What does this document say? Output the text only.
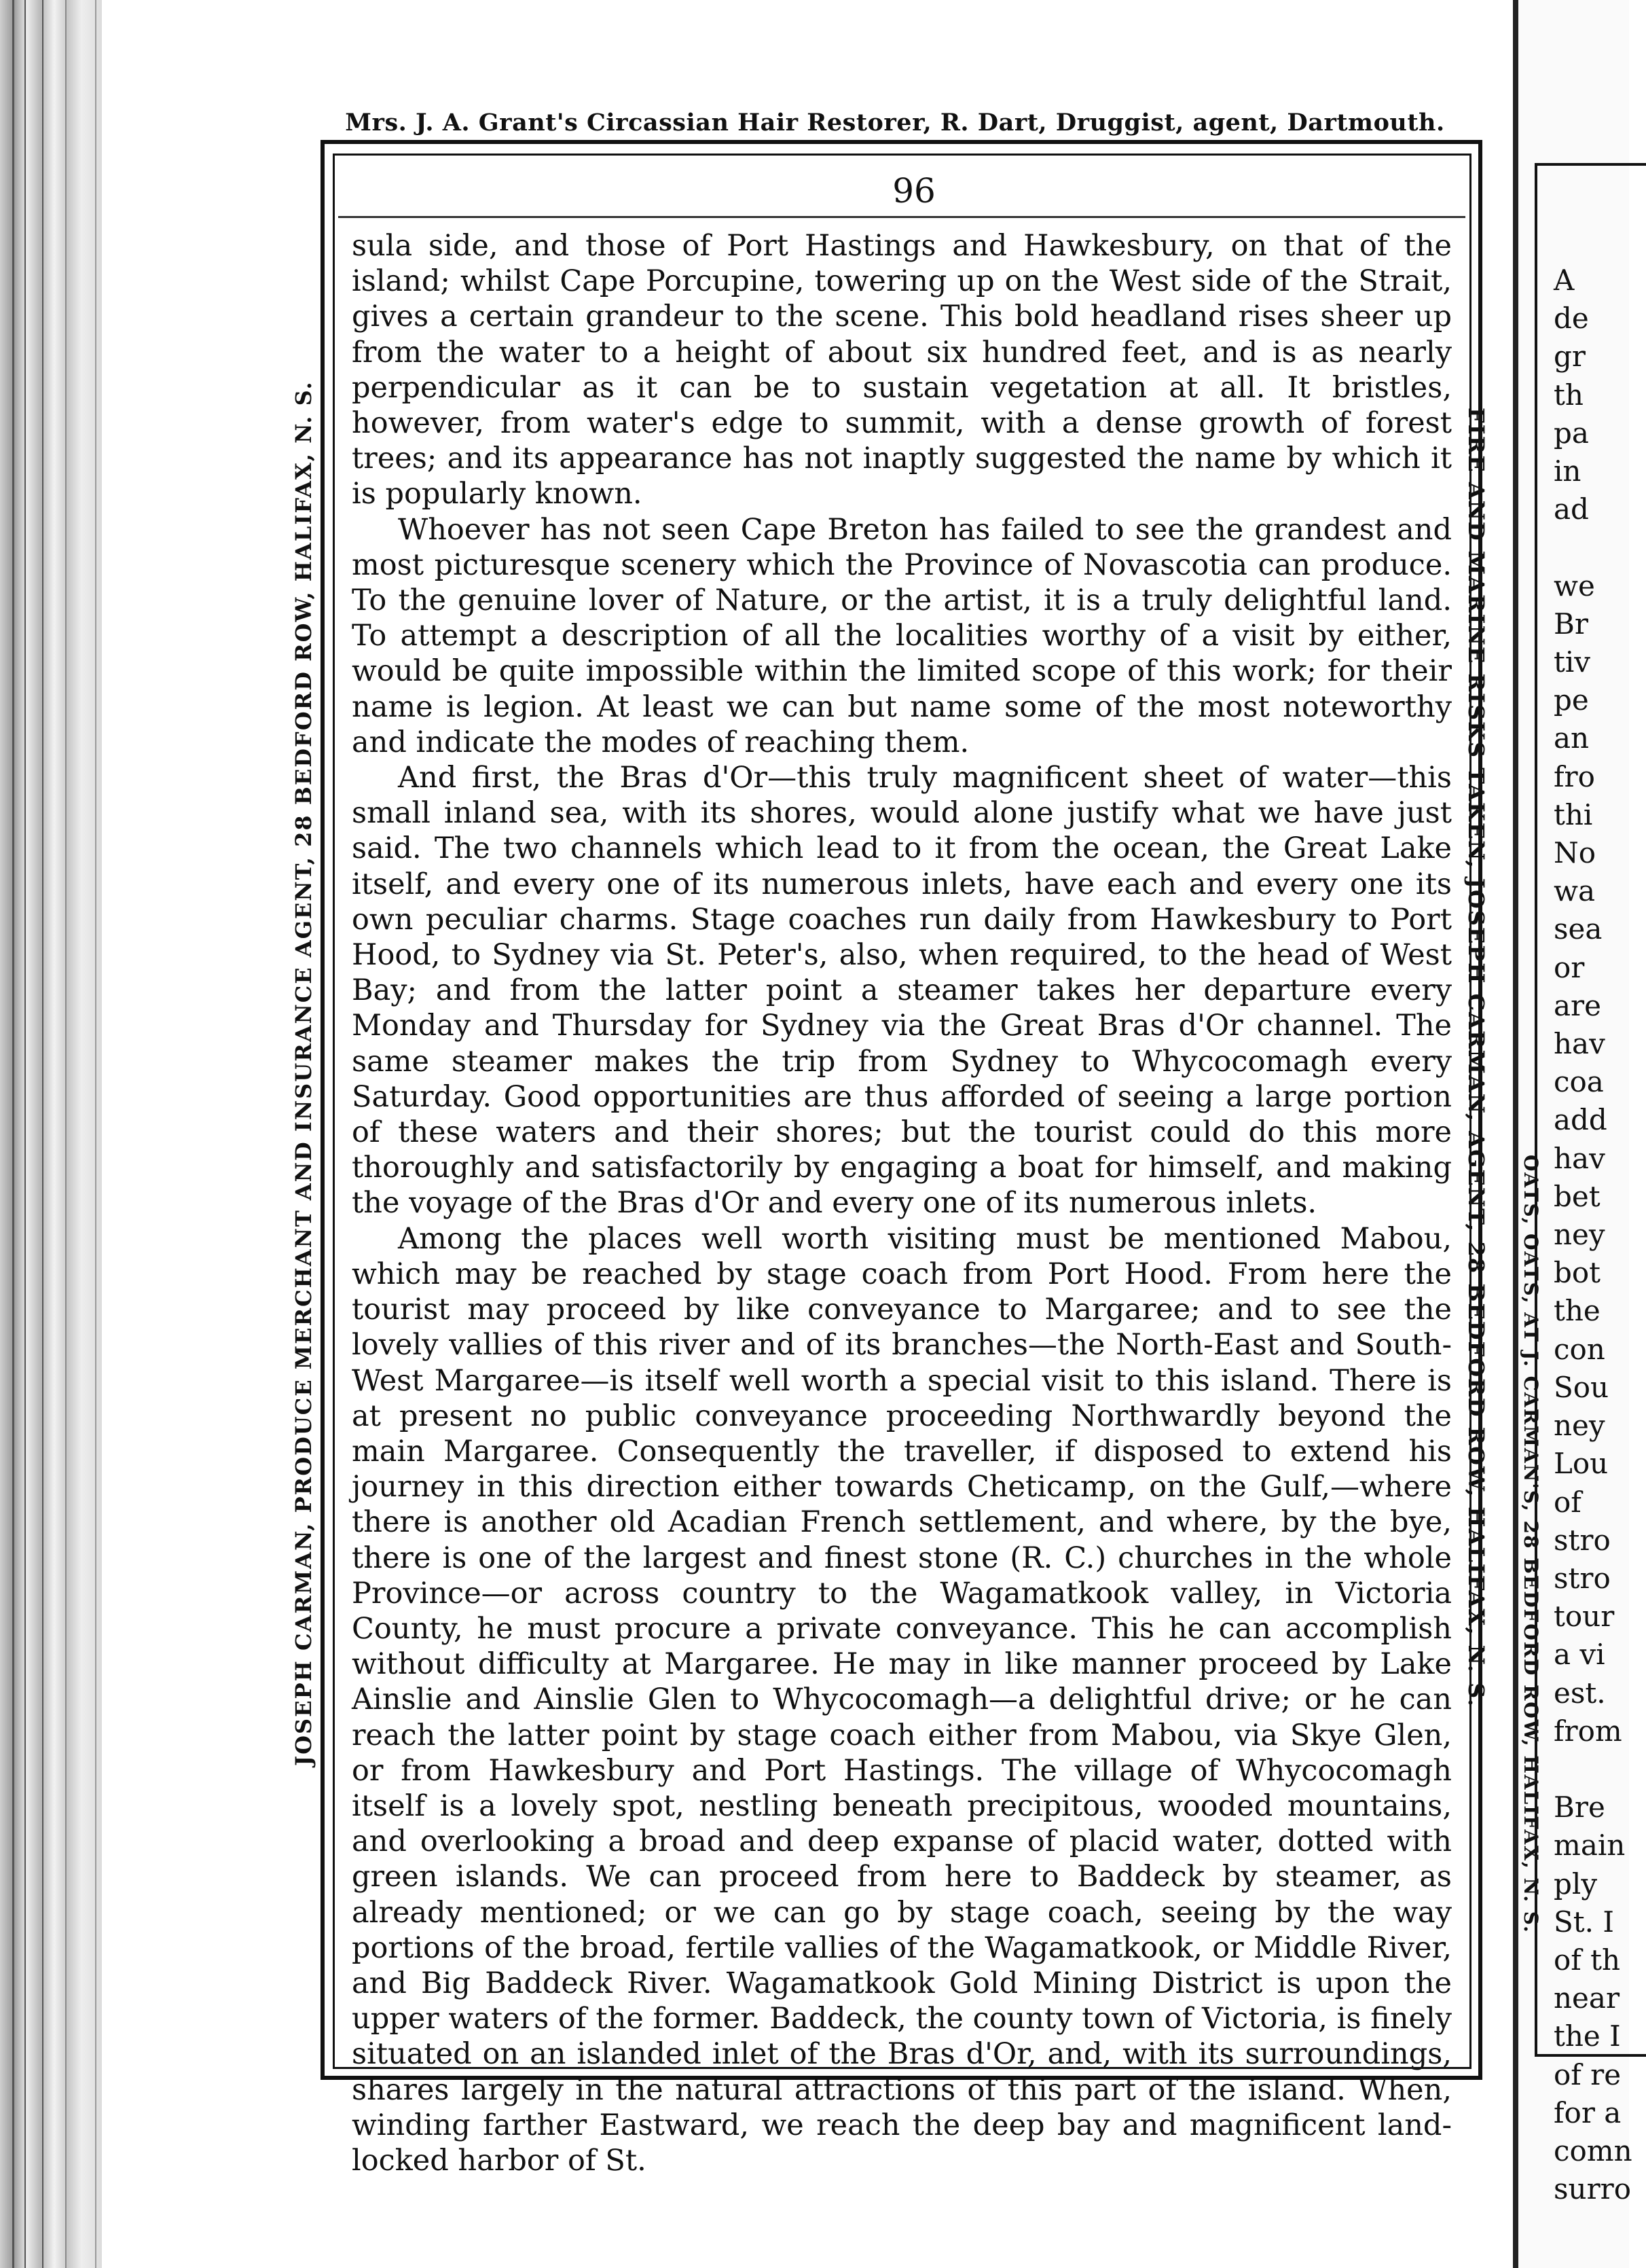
Mrs. J. A. Grant's Circassian Hair Restorer, R. Dart, Druggist, agent, Dartmouth.
96
JOSEPH CARMAN, PRODUCE MERCHANT AND INSURANCE AGENT, 28 BEDFORD ROW, HALIFAX, N. S.	FIRE AND MARINE RISKS TAKEN, JOSEPH CARMAN, AGENT, 28 BEDFORD ROW, HALIFAX, N. S.

sula side, and those of Port Hastings and Hawkesbury, on that of the island; whilst Cape Porcupine, towering up on the West side of the Strait, gives a certain grandeur to the scene. This bold headland rises sheer up from the water to a height of about six hundred feet, and is as nearly perpendicular as it can be to sustain vegetation at all. It bristles, however, from water's edge to summit, with a dense growth of forest trees; and its appearance has not inaptly suggested the name by which it is popularly known.

Whoever has not seen Cape Breton has failed to see the grandest and most picturesque scenery which the Province of Novascotia can produce. To the genuine lover of Nature, or the artist, it is a truly delightful land. To attempt a description of all the localities worthy of a visit by either, would be quite impossible within the limited scope of this work; for their name is legion. At least we can but name some of the most noteworthy and indicate the modes of reaching them.

And first, the Bras d'Or—this truly magnificent sheet of water—this small inland sea, with its shores, would alone justify what we have just said. The two channels which lead to it from the ocean, the Great Lake itself, and every one of its numerous inlets, have each and every one its own peculiar charms. Stage coaches run daily from Hawkesbury to Port Hood, to Sydney via St. Peter's, also, when required, to the head of West Bay; and from the latter point a steamer takes her departure every Monday and Thursday for Sydney via the Great Bras d'Or channel. The same steamer makes the trip from Sydney to Whycocomagh every Saturday. Good opportunities are thus afforded of seeing a large portion of these waters and their shores; but the tourist could do this more thoroughly and satisfactorily by engaging a boat for himself, and making the voyage of the Bras d'Or and every one of its numerous inlets.

Among the places well worth visiting must be mentioned Mabou, which may be reached by stage coach from Port Hood. From here the tourist may proceed by like conveyance to Margaree; and to see the lovely vallies of this river and of its branches—the North-East and South-West Margaree—is itself well worth a special visit to this island. There is at present no public conveyance proceeding Northwardly beyond the main Margaree. Consequently the traveller, if disposed to extend his journey in this direction either towards Cheticamp, on the Gulf,—where there is another old Acadian French settlement, and where, by the bye, there is one of the largest and finest stone (R. C.) churches in the whole Province—or across country to the Wagamatkook valley, in Victoria County, he must procure a private conveyance. This he can accomplish without difficulty at Margaree. He may in like manner proceed by Lake Ainslie and Ainslie Glen to Whycocomagh—a delightful drive; or he can reach the latter point by stage coach either from Mabou, via Skye Glen, or from Hawkesbury and Port Hastings. The village of Whycocomagh itself is a lovely spot, nestling beneath precipitous, wooded mountains, and overlooking a broad and deep expanse of placid water, dotted with green islands. We can proceed from here to Baddeck by steamer, as already mentioned; or we can go by stage coach, seeing by the way portions of the broad, fertile vallies of the Wagamatkook, or Middle River, and Big Baddeck River. Wagamatkook Gold Mining District is upon the upper waters of the former. Baddeck, the county town of Victoria, is finely situated on an islanded inlet of the Bras d'Or, and, with its surroundings, shares largely in the natural attractions of this part of the island. When, winding farther Eastward, we reach the deep bay and magnificent land-locked harbor of St.

A
de
gr
th
pa
in
ad

we
Br
tiv
pe
an
fro
thi
No
wa
sea
or
are
hav
coa
add
hav
bet
ney
bot
the
con
Sou
ney
Lou
of
stro
stro
tour
a vi
est.
from

Bre
main
ply
St. I
of th
near
the I
of re
for a
comn
surro
OATS, OATS, AT J. CARMAN'S, 28 BEDFORD ROW, HALIFAX, N. S.
